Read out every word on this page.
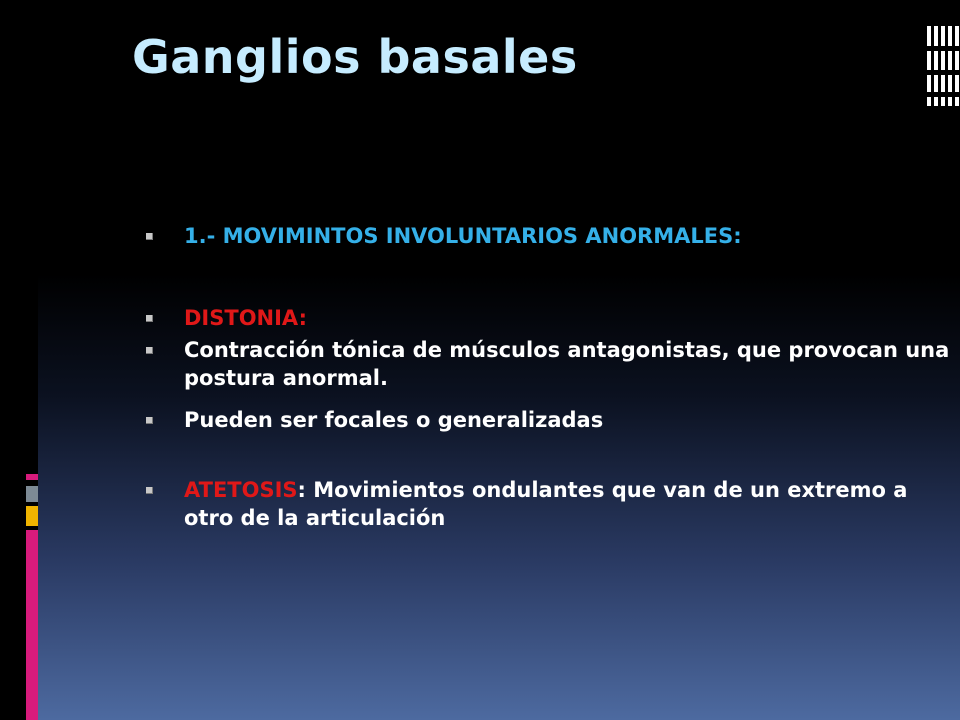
Ganglios basales
1.- MOVIMINTOS INVOLUNTARIOS ANORMALES:
DISTONIA:
Contracción tónica de músculos antagonistas, que provocan una postura anormal.
Pueden ser focales o generalizadas
ATETOSIS: Movimientos ondulantes que van de un extremo a otro de la articulación
